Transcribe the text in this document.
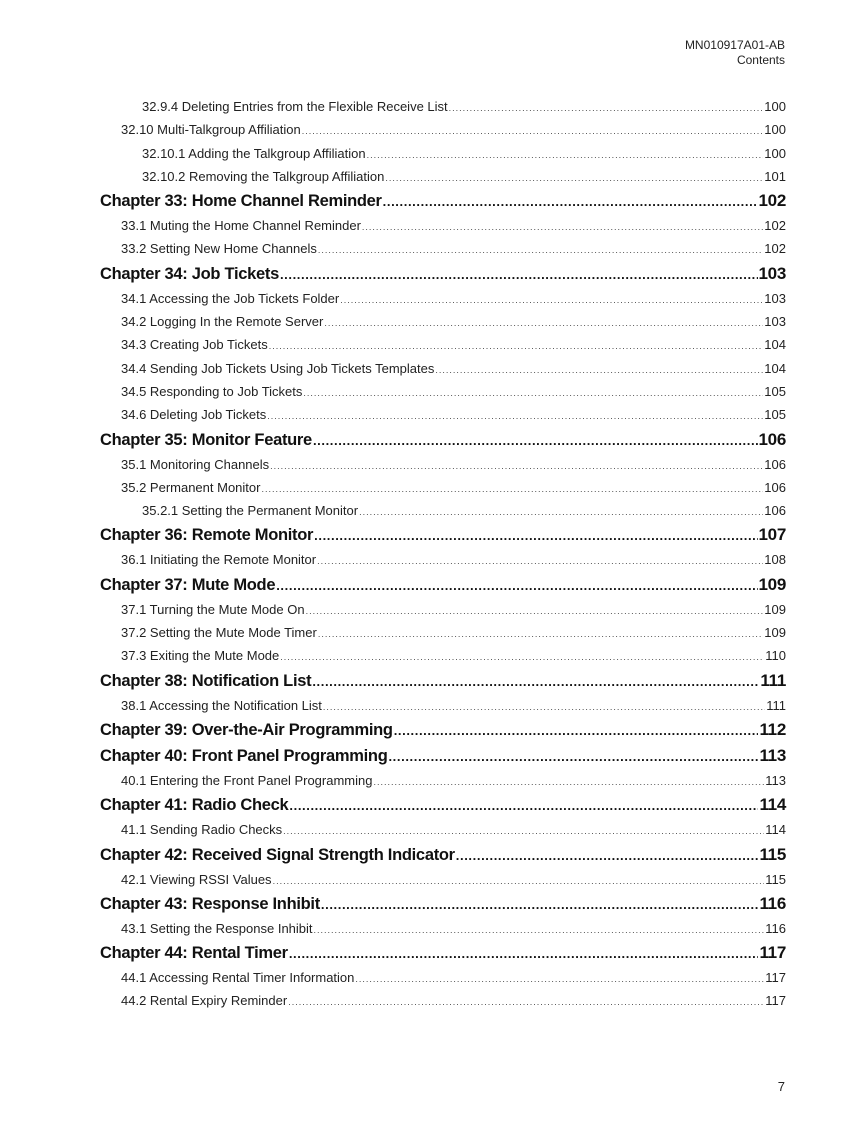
MN010917A01-AB
Contents
32.9.4 Deleting Entries from the Flexible Receive List .....	100
32.10 Multi-Talkgroup Affiliation .....	100
32.10.1 Adding the Talkgroup Affiliation .....	100
32.10.2 Removing the Talkgroup Affiliation .....	101
Chapter 33: Home Channel Reminder .....	102
33.1 Muting the Home Channel Reminder .....	102
33.2 Setting New Home Channels .....	102
Chapter 34: Job Tickets .....	103
34.1 Accessing the Job Tickets Folder .....	103
34.2 Logging In the Remote Server .....	103
34.3 Creating Job Tickets .....	104
34.4 Sending Job Tickets Using Job Tickets Templates .....	104
34.5 Responding to Job Tickets .....	105
34.6 Deleting Job Tickets .....	105
Chapter 35: Monitor Feature .....	106
35.1 Monitoring Channels .....	106
35.2 Permanent Monitor .....	106
35.2.1 Setting the Permanent Monitor .....	106
Chapter 36: Remote Monitor .....	107
36.1 Initiating the Remote Monitor .....	108
Chapter 37: Mute Mode .....	109
37.1 Turning the Mute Mode On .....	109
37.2 Setting the Mute Mode Timer .....	109
37.3 Exiting the Mute Mode .....	110
Chapter 38: Notification List .....	111
38.1 Accessing the Notification List .....	111
Chapter 39: Over-the-Air Programming .....	112
Chapter 40: Front Panel Programming .....	113
40.1 Entering the Front Panel Programming .....	113
Chapter 41: Radio Check .....	114
41.1 Sending Radio Checks .....	114
Chapter 42: Received Signal Strength Indicator .....	115
42.1 Viewing RSSI Values .....	115
Chapter 43: Response Inhibit .....	116
43.1 Setting the Response Inhibit .....	116
Chapter 44: Rental Timer .....	117
44.1 Accessing Rental Timer Information .....	117
44.2 Rental Expiry Reminder .....	117
7
